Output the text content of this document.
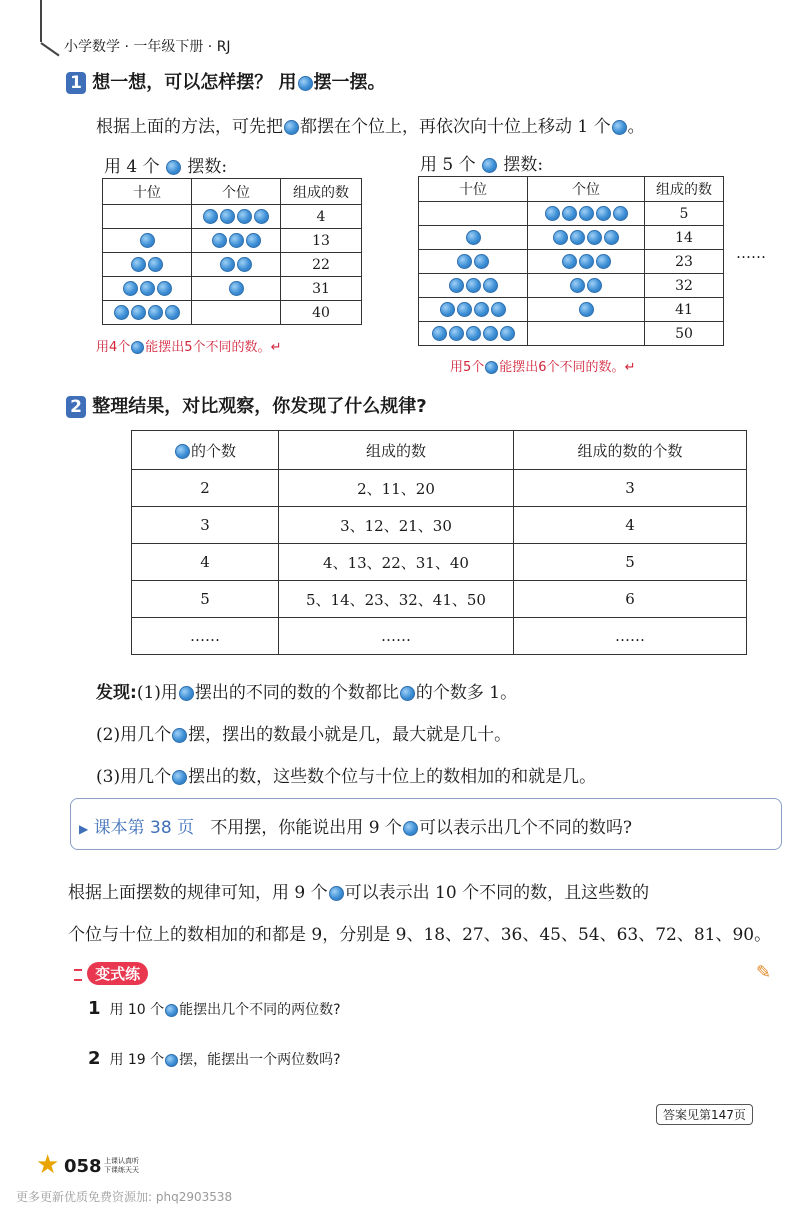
小学数学 · 一年级下册 · RJ
1 想一想，可以怎样摆？ 用 摆一摆。
根据上面的方法，可先把 都摆在个位上，再依次向十位上移动 1 个 。
用 4 个  摆数:
十位	个位	组成的数
		4
		13
		22
		31
		40
用4个 能摆出5个不同的数。↵
用 5 个  摆数:
十位	个位	组成的数
		5
		14
		23
		32
		41
		50
……
用5个 能摆出6个不同的数。↵
2 整理结果，对比观察，你发现了什么规律?
的个数	组成的数	组成的数的个数
2	2、11、20	3
3	3、12、21、30	4
4	4、13、22、31、40	5
5	5、14、23、32、41、50	6
……	……	……
发现:(1)用 摆出的不同的数的个数都比 的个数多 1。
(2)用几个 摆，摆出的数最小就是几，最大就是几十。
(3)用几个 摆出的数，这些数个位与十位上的数相加的和就是几。
▶ 课本第 38 页 不用摆，你能说出用 9 个 可以表示出几个不同的数吗?
根据上面摆数的规律可知，用 9 个 可以表示出 10 个不同的数，且这些数的
个位与十位上的数相加的和都是 9，分别是 9、18、27、36、45、54、63、72、81、90。
变式练	✎
1 用 10 个 能摆出几个不同的两位数?
2 用 19 个 摆，能摆出一个两位数吗?
答案见第147页
★ 058 上课认真听
下课练天天
更多更新优质免费资源加: phq2903538
